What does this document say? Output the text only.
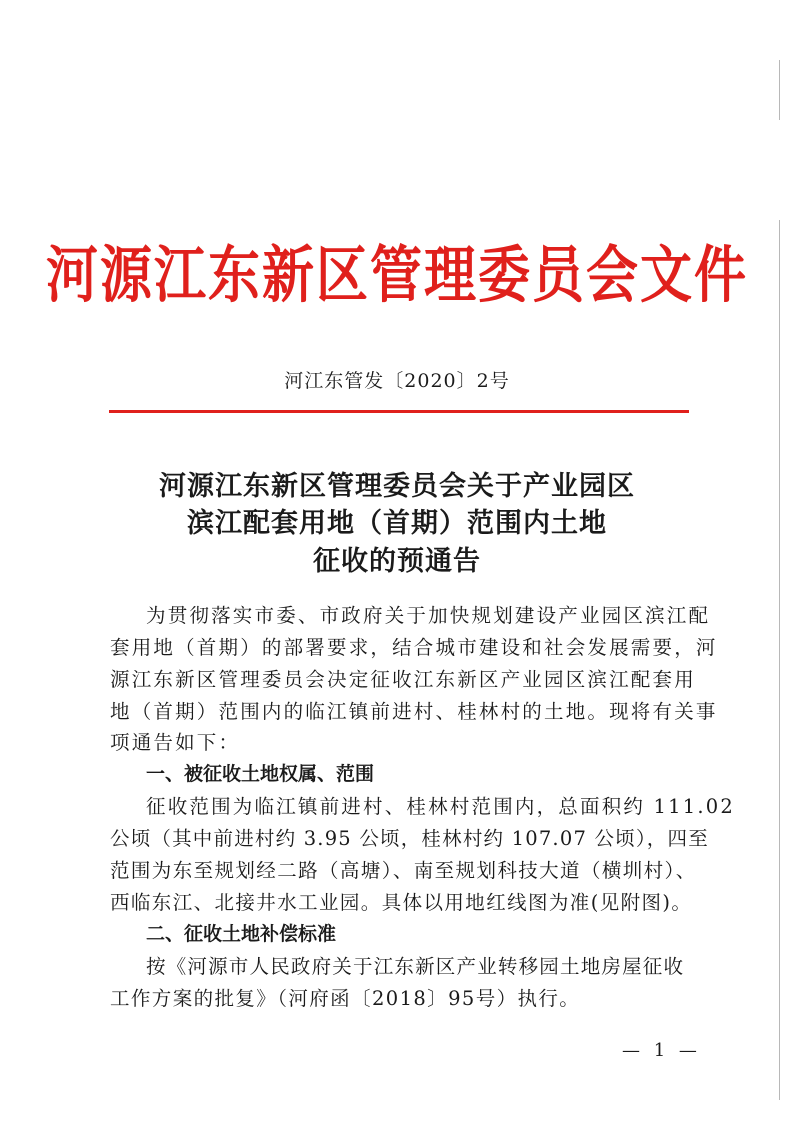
河源江东新区管理委员会文件
河江东管发〔2020〕2号
河源江东新区管理委员会关于产业园区
滨江配套用地（首期）范围内土地
征收的预通告
为贯彻落实市委、市政府关于加快规划建设产业园区滨江配
套用地（首期）的部署要求，结合城市建设和社会发展需要，河
源江东新区管理委员会决定征收江东新区产业园区滨江配套用
地（首期）范围内的临江镇前进村、桂林村的土地。现将有关事
项通告如下：
一、被征收土地权属、范围
征收范围为临江镇前进村、桂林村范围内，总面积约 111.02
公顷（其中前进村约 3.95 公顷，桂林村约 107.07 公顷），四至
范围为东至规划经二路（高塘）、南至规划科技大道（横圳村）、
西临东江、北接井水工业园。具体以用地红线图为准(见附图)。
二、征收土地补偿标准
按《河源市人民政府关于江东新区产业转移园土地房屋征收
工作方案的批复》（河府函〔2018〕95号）执行。
— 1 —
